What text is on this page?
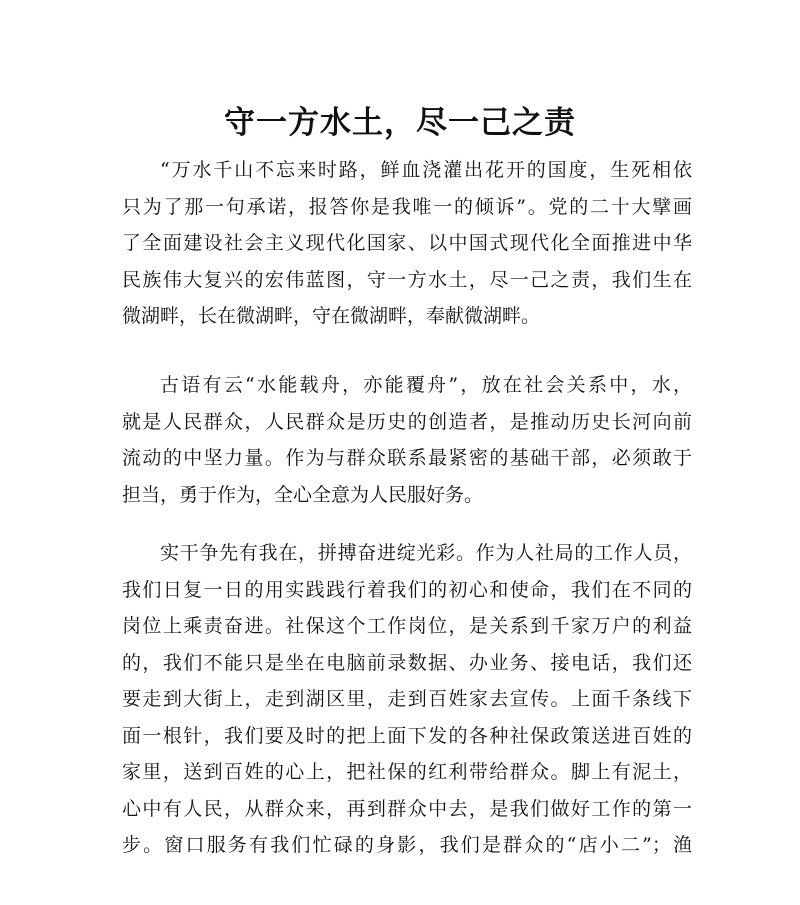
守一方水土，尽一己之责
“万水千山不忘来时路，鲜血浇灌出花开的国度，生死相依
只为了那一句承诺，报答你是我唯一的倾诉”。党的二十大擘画
了全面建设社会主义现代化国家、以中国式现代化全面推进中华
民族伟大复兴的宏伟蓝图，守一方水土，尽一己之责，我们生在
微湖畔，长在微湖畔，守在微湖畔，奉献微湖畔。
古语有云“水能载舟，亦能覆舟”，放在社会关系中，水，
就是人民群众，人民群众是历史的创造者，是推动历史长河向前
流动的中坚力量。作为与群众联系最紧密的基础干部，必须敢于
担当，勇于作为，全心全意为人民服好务。
实干争先有我在，拼搏奋进绽光彩。作为人社局的工作人员，
我们日复一日的用实践践行着我们的初心和使命，我们在不同的
岗位上乘责奋进。社保这个工作岗位，是关系到千家万户的利益
的，我们不能只是坐在电脑前录数据、办业务、接电话，我们还
要走到大街上，走到湖区里，走到百姓家去宣传。上面千条线下
面一根针，我们要及时的把上面下发的各种社保政策送进百姓的
家里，送到百姓的心上，把社保的红利带给群众。脚上有泥土，
心中有人民，从群众来，再到群众中去，是我们做好工作的第一
步。窗口服务有我们忙碌的身影，我们是群众的“店小二”；渔
